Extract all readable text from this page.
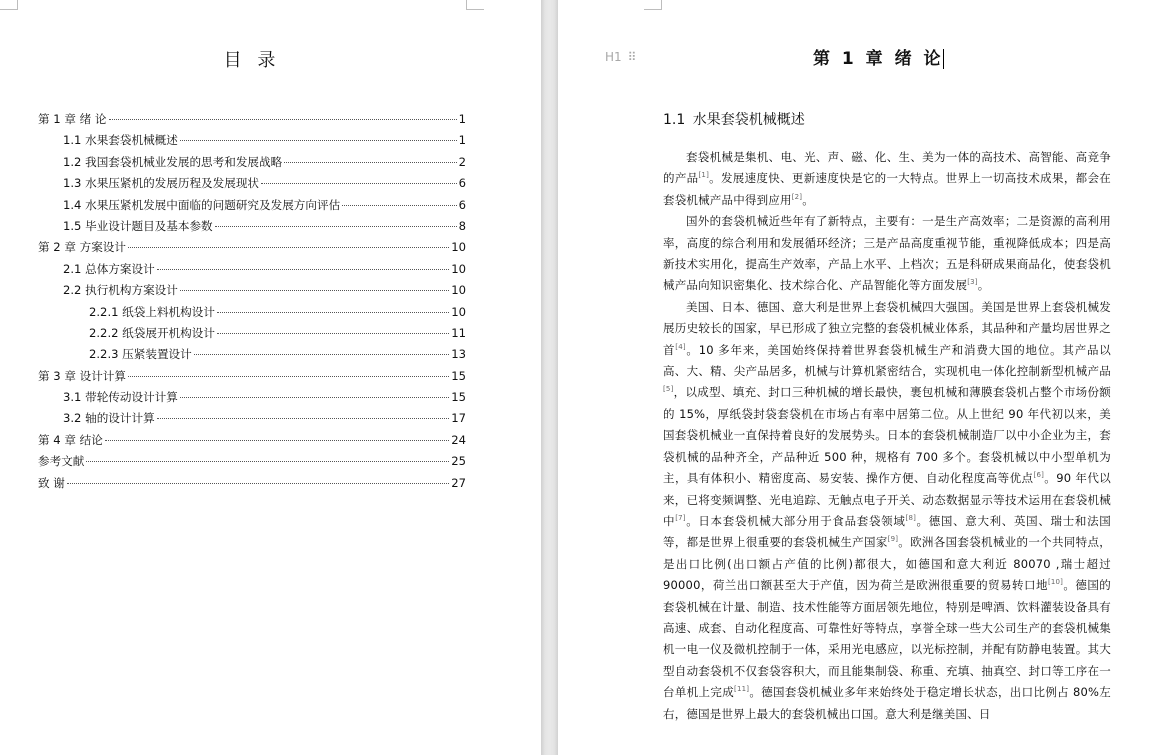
目 录
第 1 章 绪 论	1
1.1 水果套袋机械概述	1
1.2 我国套袋机械业发展的思考和发展战略	2
1.3 水果压紧机的发展历程及发展现状	6
1.4 水果压紧机发展中面临的问题研究及发展方向评估	6
1.5 毕业设计题目及基本参数	8
第 2 章 方案设计	10
2.1 总体方案设计	10
2.2 执行机构方案设计	10
2.2.1 纸袋上料机构设计	10
2.2.2 纸袋展开机构设计	11
2.2.3 压紧装置设计	13
第 3 章 设计计算	15
3.1 带轮传动设计计算	15
3.2 轴的设计计算	17
第 4 章 结论	24
参考文献	25
致 谢	27
H1 ⠿	第 1 章 绪 论
1.1 水果套袋机械概述

套袋机械是集机、电、光、声、磁、化、生、美为一体的高技术、高智能、高竞争的产品[1]。发展速度快、更新速度快是它的一大特点。世界上一切高技术成果，都会在套袋机械产品中得到应用[2]。

国外的套袋机械近些年有了新特点，主要有：一是生产高效率；二是资源的高利用率，高度的综合利用和发展循环经济；三是产品高度重视节能，重视降低成本；四是高新技术实用化，提高生产效率，产品上水平、上档次；五是科研成果商品化，使套袋机械产品向知识密集化、技术综合化、产品智能化等方面发展[3]。

美国、日本、德国、意大利是世界上套袋机械四大强国。美国是世界上套袋机械发展历史较长的国家，早已形成了独立完整的套袋机械业体系，其品种和产量均居世界之首[4]。10 多年来，美国始终保持着世界套袋机械生产和消费大国的地位。其产品以高、大、精、尖产品居多，机械与计算机紧密结合，实现机电一体化控制新型机械产品[5]，以成型、填充、封口三种机械的增长最快，裹包机械和薄膜套袋机占整个市场份额的 15%，厚纸袋封袋套袋机在市场占有率中居第二位。从上世纪 90 年代初以来，美国套袋机械业一直保持着良好的发展势头。日本的套袋机械制造厂以中小企业为主，套袋机械的品种齐全，产品种近 500 种，规格有 700 多个。套袋机械以中小型单机为主，具有体积小、精密度高、易安装、操作方便、自动化程度高等优点[6]。90 年代以来，已将变频调整、光电追踪、无触点电子开关、动态数据显示等技术运用在套袋机械中[7]。日本套袋机械大部分用于食品套袋领域[8]。德国、意大利、英国、瑞士和法国等，都是世界上很重要的套袋机械生产国家[9]。欧洲各国套袋机械业的一个共同特点，是出口比例(出口额占产值的比例)都很大，如德国和意大利近 80070 ,瑞士超过 90000，荷兰出口额甚至大于产值，因为荷兰是欧洲很重要的贸易转口地[10]。德国的套袋机械在计量、制造、技术性能等方面居领先地位，特别是啤酒、饮料灌装设备具有高速、成套、自动化程度高、可靠性好等特点，享誉全球一些大公司生产的套袋机械集机一电一仪及微机控制于一体，采用光电感应，以光标控制，并配有防静电装置。其大型自动套袋机不仅套袋容积大，而且能集制袋、称重、充填、抽真空、封口等工序在一台单机上完成[11]。德国套袋机械业多年来始终处于稳定增长状态，出口比例占 80%左右，德国是世界上最大的套袋机械出口国。意大利是继美国、日
